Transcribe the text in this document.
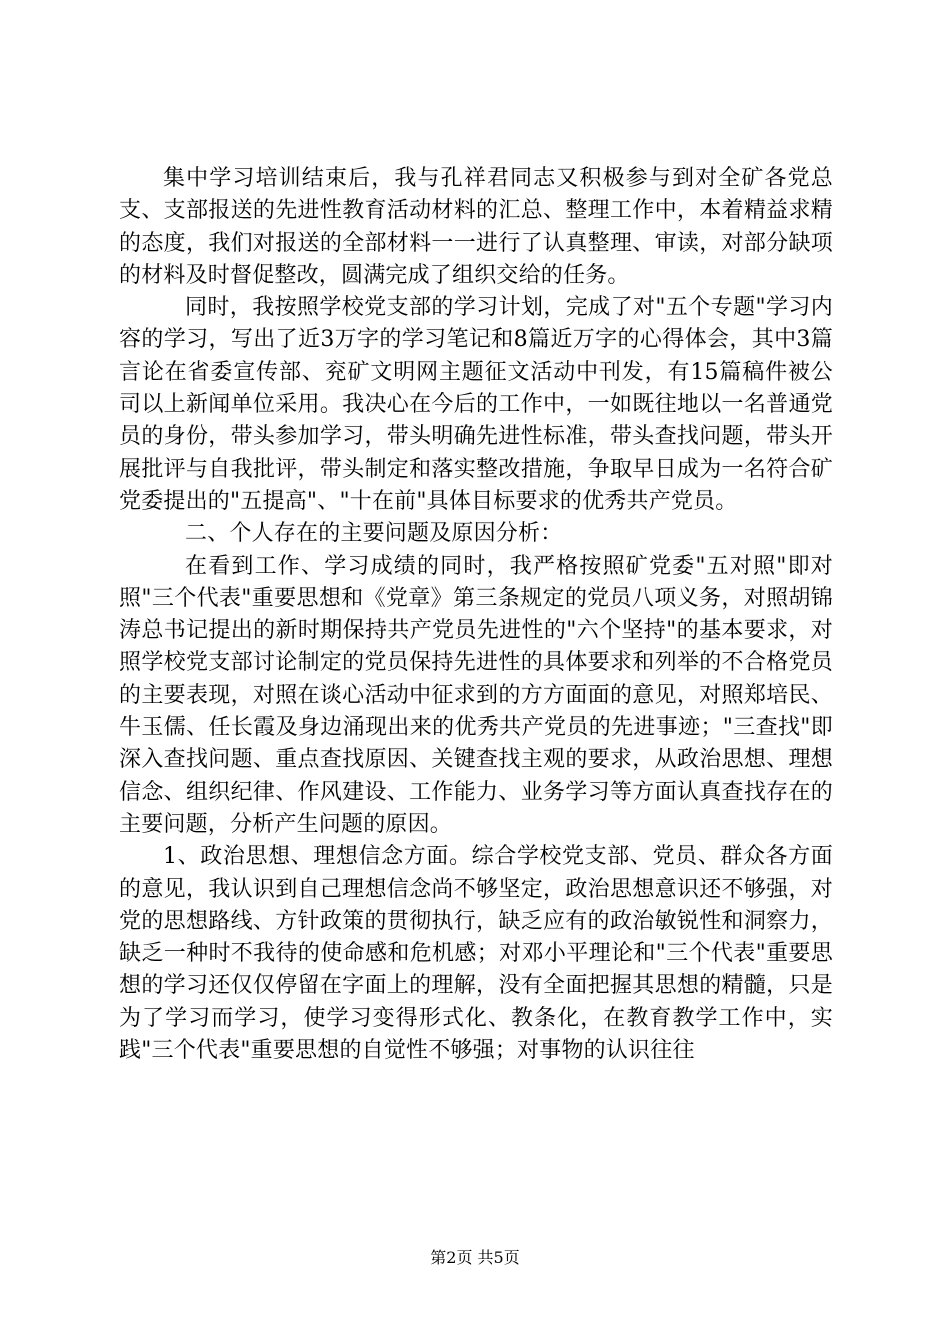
集中学习培训结束后，我与孔祥君同志又积极参与到对全矿各党总支、支部报送的先进性教育活动材料的汇总、整理工作中，本着精益求精的态度，我们对报送的全部材料一一进行了认真整理、审读，对部分缺项的材料及时督促整改，圆满完成了组织交给的任务。

同时，我按照学校党支部的学习计划，完成了对"五个专题"学习内容的学习，写出了近3万字的学习笔记和8篇近万字的心得体会，其中3篇言论在省委宣传部、兖矿文明网主题征文活动中刊发，有15篇稿件被公司以上新闻单位采用。我决心在今后的工作中，一如既往地以一名普通党员的身份，带头参加学习，带头明确先进性标准，带头查找问题，带头开展批评与自我批评，带头制定和落实整改措施，争取早日成为一名符合矿党委提出的"五提高"、"十在前"具体目标要求的优秀共产党员。

二、个人存在的主要问题及原因分析：

在看到工作、学习成绩的同时，我严格按照矿党委"五对照"即对照"三个代表"重要思想和《党章》第三条规定的党员八项义务，对照胡锦涛总书记提出的新时期保持共产党员先进性的"六个坚持"的基本要求，对照学校党支部讨论制定的党员保持先进性的具体要求和列举的不合格党员的主要表现，对照在谈心活动中征求到的方方面面的意见，对照郑培民、牛玉儒、任长霞及身边涌现出来的优秀共产党员的先进事迹；"三查找"即深入查找问题、重点查找原因、关键查找主观的要求，从政治思想、理想信念、组织纪律、作风建设、工作能力、业务学习等方面认真查找存在的主要问题，分析产生问题的原因。

1、政治思想、理想信念方面。综合学校党支部、党员、群众各方面的意见，我认识到自己理想信念尚不够坚定，政治思想意识还不够强，对党的思想路线、方针政策的贯彻执行，缺乏应有的政治敏锐性和洞察力，缺乏一种时不我待的使命感和危机感；对邓小平理论和"三个代表"重要思想的学习还仅仅停留在字面上的理解，没有全面把握其思想的精髓，只是为了学习而学习，使学习变得形式化、教条化，在教育教学工作中，实践"三个代表"重要思想的自觉性不够强；对事物的认识往往

第2页 共5页
